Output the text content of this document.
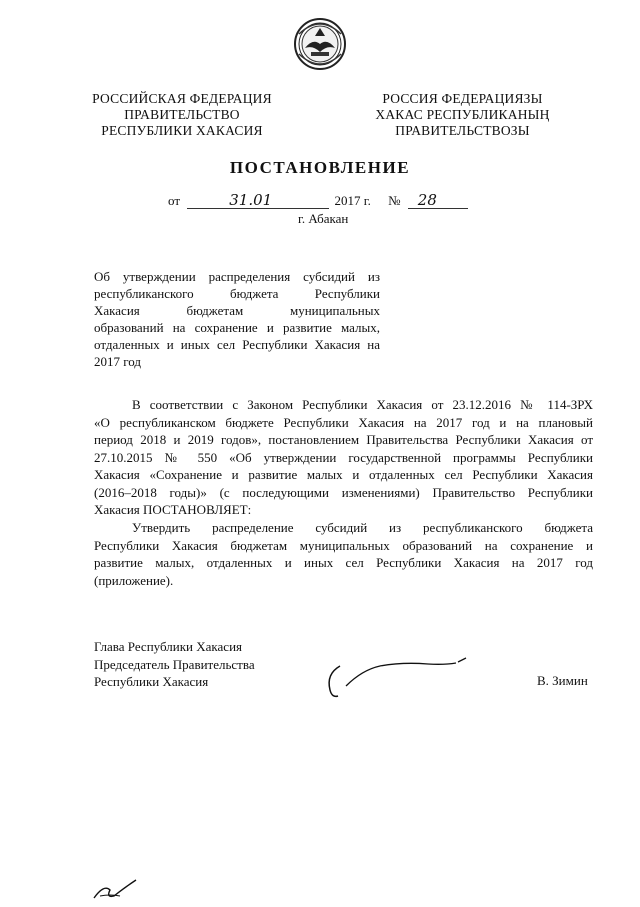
РОССИЙСКАЯ ФЕДЕРАЦИЯ
ПРАВИТЕЛЬСТВО
РЕСПУБЛИКИ ХАКАСИЯ
РОССИЯ ФЕДЕРАЦИЯЗЫ
ХАКАС РЕСПУБЛИКАНЫҢ
ПРАВИТЕЛЬСТВОЗЫ
ПОСТАНОВЛЕНИЕ
от	31.01	2017 г. № 28
г. Абакан
Об утверждении распределения субсидий из
республиканского бюджета Республики
Хакасия бюджетам муниципальных
образований на сохранение и развитие малых,
отдаленных и иных сел Республики Хакасия на
2017 год
В соответствии с Законом Республики Хакасия от 23.12.2016 № 114-ЗРХ
«О республиканском бюджете Республики Хакасия на 2017 год и на плановый
период 2018 и 2019 годов», постановлением Правительства Республики Хакасия от
27.10.2015 № 550 «Об утверждении государственной программы Республики
Хакасия «Сохранение и развитие малых и отдаленных сел Республики Хакасия
(2016–2018 годы)» (с последующими изменениями) Правительство Республики
Хакасия ПОСТАНОВЛЯЕТ:
Утвердить распределение субсидий из республиканского бюджета
Республики Хакасия бюджетам муниципальных образований на сохранение и
развитие малых, отдаленных и иных сел Республики Хакасия на 2017 год
(приложение).
Глава Республики Хакасия
Председатель Правительства
Республики Хакасия	В. Зимин
